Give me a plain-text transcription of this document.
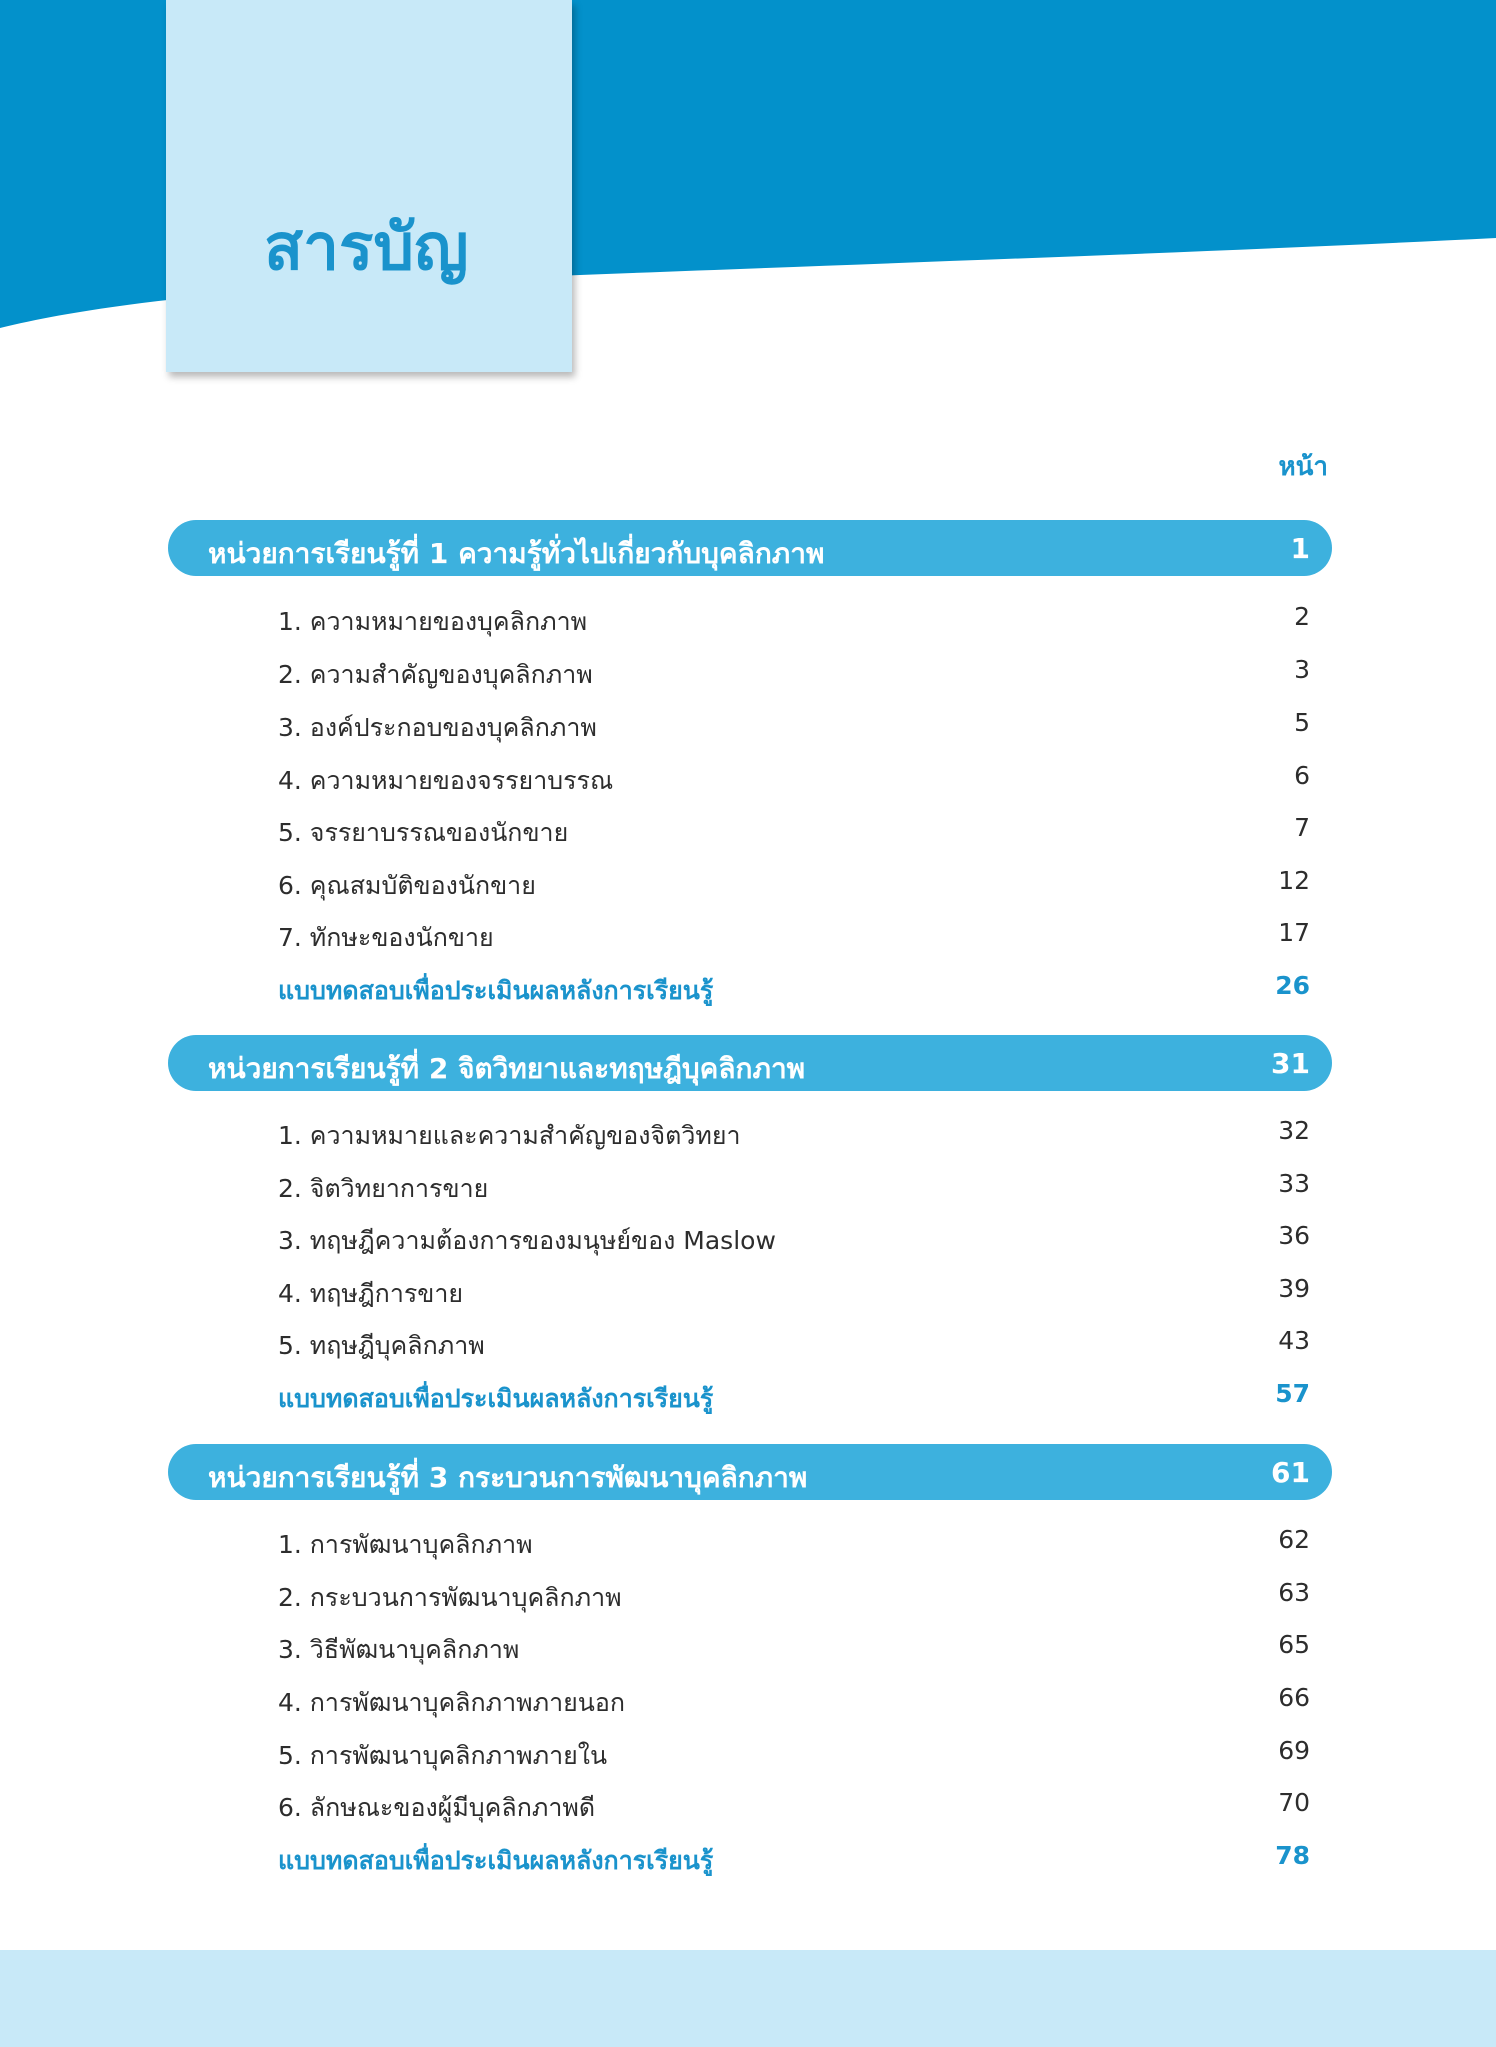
สารบัญ
หน้า
หน่วยการเรียนรู้ที่ 1 ความรู้ทั่วไปเกี่ยวกับบุคลิกภาพ	1
1. ความหมายของบุคลิกภาพ	2
2. ความสำคัญของบุคลิกภาพ	3
3. องค์ประกอบของบุคลิกภาพ	5
4. ความหมายของจรรยาบรรณ	6
5. จรรยาบรรณของนักขาย	7
6. คุณสมบัติของนักขาย	12
7. ทักษะของนักขาย	17
แบบทดสอบเพื่อประเมินผลหลังการเรียนรู้	26
หน่วยการเรียนรู้ที่ 2 จิตวิทยาและทฤษฎีบุคลิกภาพ	31
1. ความหมายและความสำคัญของจิตวิทยา	32
2. จิตวิทยาการขาย	33
3. ทฤษฎีความต้องการของมนุษย์ของ Maslow	36
4. ทฤษฎีการขาย	39
5. ทฤษฎีบุคลิกภาพ	43
แบบทดสอบเพื่อประเมินผลหลังการเรียนรู้	57
หน่วยการเรียนรู้ที่ 3 กระบวนการพัฒนาบุคลิกภาพ	61
1. การพัฒนาบุคลิกภาพ	62
2. กระบวนการพัฒนาบุคลิกภาพ	63
3. วิธีพัฒนาบุคลิกภาพ	65
4. การพัฒนาบุคลิกภาพภายนอก	66
5. การพัฒนาบุคลิกภาพภายใน	69
6. ลักษณะของผู้มีบุคลิกภาพดี	70
แบบทดสอบเพื่อประเมินผลหลังการเรียนรู้	78
